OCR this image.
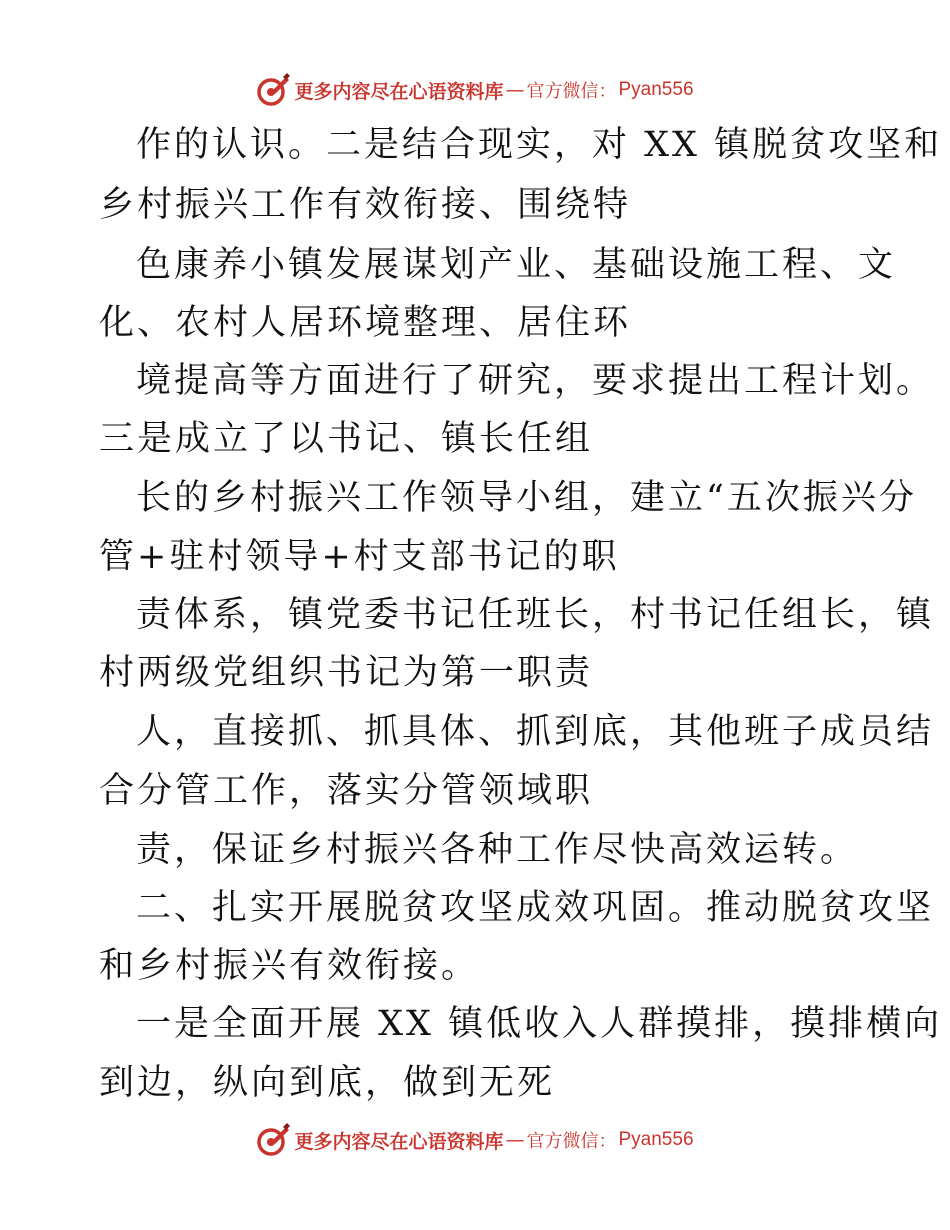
更多内容尽在心语资料库 — 官方微信： Pyan556
作的认识。二是结合现实，对 XX 镇脱贫攻坚和
乡村振兴工作有效衔接、围绕特
色康养小镇发展谋划产业、基础设施工程、文
化、农村人居环境整理、居住环
境提高等方面进行了研究，要求提出工程计划。
三是成立了以书记、镇长任组
长的乡村振兴工作领导小组，建立“五次振兴分
管+驻村领导+村支部书记的职
责体系，镇党委书记任班长，村书记任组长，镇
村两级党组织书记为第一职责
人，直接抓、抓具体、抓到底，其他班子成员结
合分管工作，落实分管领域职
责，保证乡村振兴各种工作尽快高效运转。
二、扎实开展脱贫攻坚成效巩固。推动脱贫攻坚
和乡村振兴有效衔接。
一是全面开展 XX 镇低收入人群摸排，摸排横向
到边，纵向到底，做到无死
更多内容尽在心语资料库 — 官方微信： Pyan556
